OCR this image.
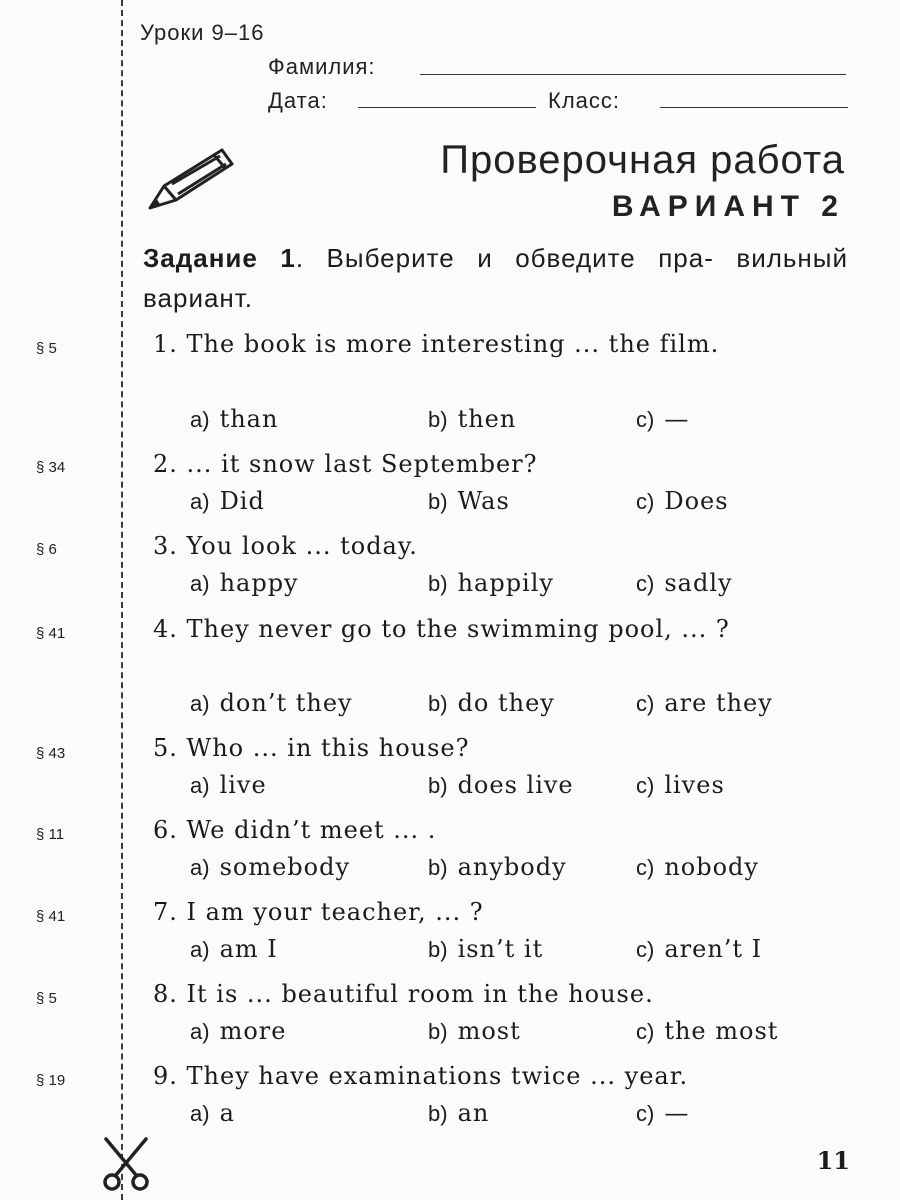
Уроки 9–16
Фамилия:
Дата:	Класс:
Проверочная работа
ВАРИАНТ 2
Задание 1. Выберите и обведите пра- вильный вариант.
§ 5	1. The book is more interesting ... the film.
a) than	b) then	c) —
§ 34	2. ... it snow last September?
a) Did	b) Was	c) Does
§ 6	3. You look ... today.
a) happy	b) happily	c) sadly
§ 41	4. They never go to the swimming pool, ... ?
a) don’t they	b) do they	c) are they
§ 43	5. Who ... in this house?
a) live	b) does live	c) lives
§ 11	6. We didn’t meet ... .
a) somebody	b) anybody	c) nobody
§ 41	7. I am your teacher, ... ?
a) am I	b) isn’t it	c) aren’t I
§ 5	8. It is ... beautiful room in the house.
a) more	b) most	c) the most
§ 19	9. They have examinations twice ... year.
a) a	b) an	c) —
11
